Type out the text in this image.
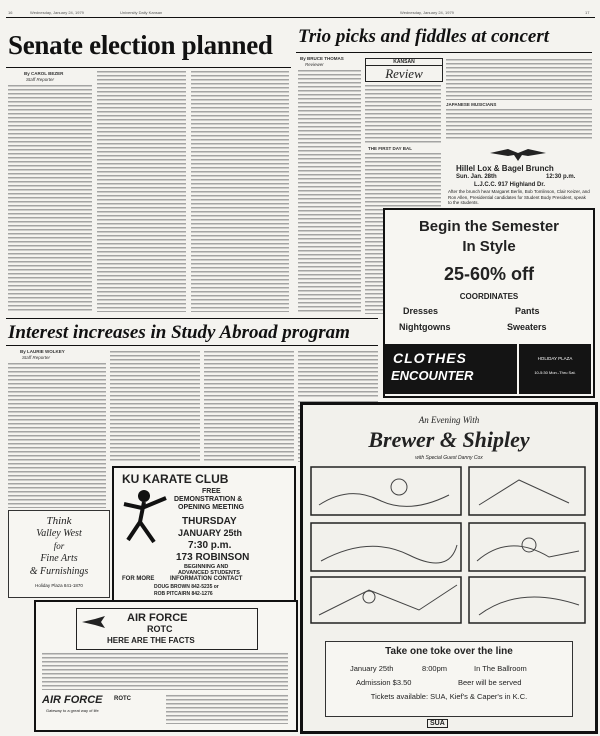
16	Wednesday, January 24, 1979	University Daily Kansan	Wednesday, January 24, 1979	17
Senate election planned
By CAROL BEZER
Staff Reporter
Trio picks and fiddles at concert
By BRUCE THOMAS
Reviewer	KANSAN
Review
THE FIRST DAY BAL
JAPANESE MUSICIANS
Hillel Lox & Bagel Brunch
Sun. Jan. 28th	12:30 p.m.
L.J.C.C. 917 Highland Dr.
After the brunch hear Margaret Berlin, Bob Tomlinson, Clair Keizer, and Ron Allen, Presidential candidates for Student Body President, speak to the students.
Begin the Semester
In Style
25-60% off
COORDINATES
Dresses	Pants
Nightgowns	Sweaters
CLOTHES
ENCOUNTER
HOLIDAY PLAZA
10-5:30 Mon.-Thru Sat.
Interest increases in Study Abroad program
By LAURIE WOLKEY
Staff Reporter
KU KARATE CLUB
FREE
DEMONSTRATION &
OPENING MEETING
THURSDAY
JANUARY 25th
7:30 p.m.
173 ROBINSON
BEGINNING AND
ADVANCED STUDENTS
FOR MORE	INFORMATION CONTACT
DOUG BROWN 842-5235 or
ROB PITCAIRN 842-1276
Think
Valley West
for
Fine Arts
& Furnishings
Holiday Plaza 841-1870
AIR FORCE
ROTC
HERE ARE THE FACTS
AIR FORCE ROTC
Gateway to a great way of life
An Evening With
Brewer & Shipley
with Special Guest Danny Cox
Take one toke over the line
January 25th	8:00pm	In The Ballroom
Admission $3.50	Beer will be served
Tickets available: SUA, Kief's & Caper's in K.C.
SUA
